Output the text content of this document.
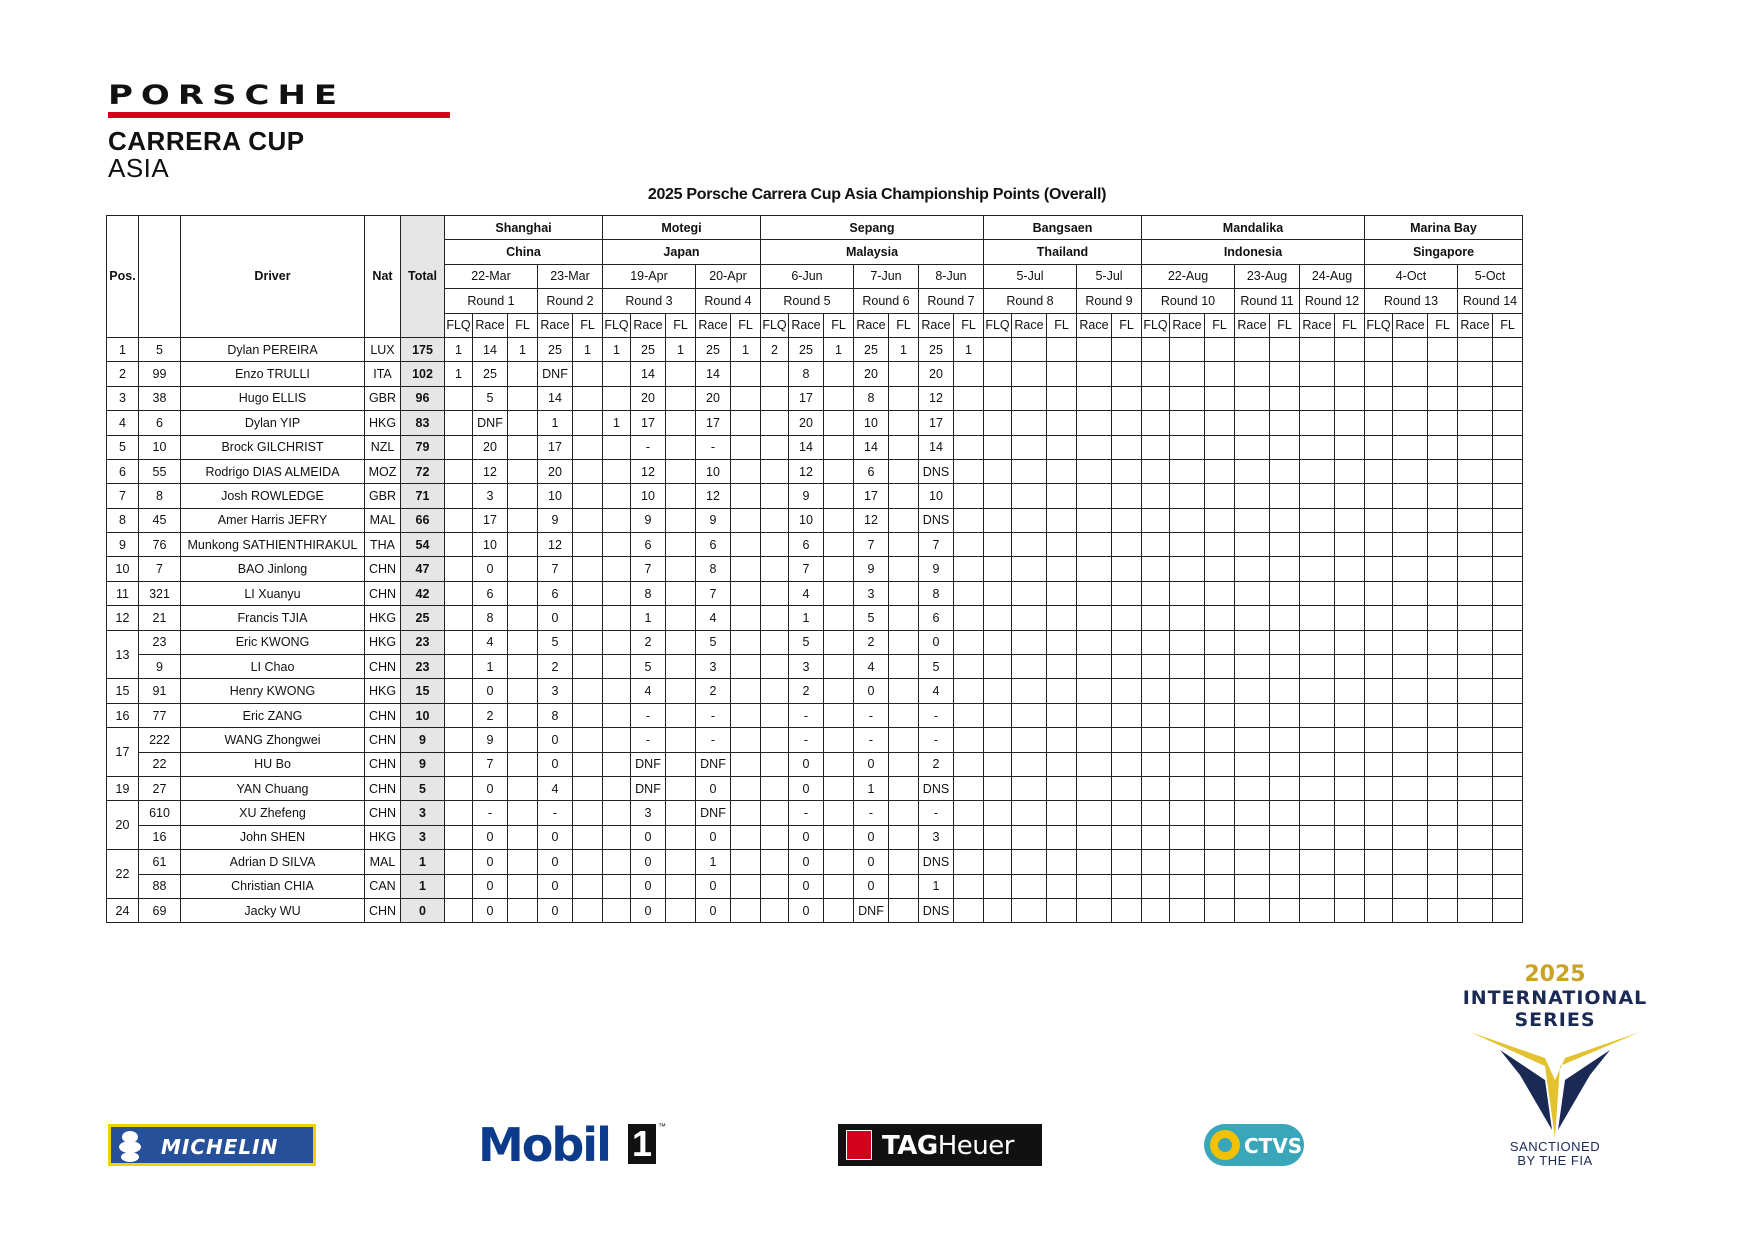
PORSCHE
CARRERA CUP
ASIA
2025 Porsche Carrera Cup Asia Championship Points (Overall)
Pos.		Driver	Nat	Total	Shanghai					Motegi					Sepang							Bangsaen					Mandalika							Marina Bay				
					China					Japan					Malaysia							Thailand					Indonesia							Singapore				
					22-Mar			23-Mar		19-Apr			20-Apr		6-Jun			7-Jun		8-Jun		5-Jul			5-Jul		22-Aug			23-Aug		24-Aug		4-Oct			5-Oct	
					Round 1			Round 2		Round 3			Round 4		Round 5			Round 6		Round 7		Round 8			Round 9		Round 10			Round 11		Round 12		Round 13			Round 14	
					FLQ	Race	FL	Race	FL	FLQ	Race	FL	Race	FL	FLQ	Race	FL	Race	FL	Race	FL	FLQ	Race	FL	Race	FL	FLQ	Race	FL	Race	FL	Race	FL	FLQ	Race	FL	Race	FL
1	5	Dylan PEREIRA	LUX	175	1	14	1	25	1	1	25	1	25	1	2	25	1	25	1	25	1																	
2	99	Enzo TRULLI	ITA	102	1	25		DNF			14		14			8		20		20																		
3	38	Hugo ELLIS	GBR	96		5		14			20		20			17		8		12																		
4	6	Dylan YIP	HKG	83		DNF		1		1	17		17			20		10		17																		
5	10	Brock GILCHRIST	NZL	79		20		17			-		-			14		14		14																		
6	55	Rodrigo DIAS ALMEIDA	MOZ	72		12		20			12		10			12		6		DNS																		
7	8	Josh ROWLEDGE	GBR	71		3		10			10		12			9		17		10																		
8	45	Amer Harris JEFRY	MAL	66		17		9			9		9			10		12		DNS																		
9	76	Munkong SATHIENTHIRAKUL	THA	54		10		12			6		6			6		7		7																		
10	7	BAO Jinlong	CHN	47		0		7			7		8			7		9		9																		
11	321	LI Xuanyu	CHN	42		6		6			8		7			4		3		8																		
12	21	Francis TJIA	HKG	25		8		0			1		4			1		5		6																		
13	23	Eric KWONG	HKG	23		4		5			2		5			5		2		0																		
	9	LI Chao	CHN	23		1		2			5		3			3		4		5																		
15	91	Henry KWONG	HKG	15		0		3			4		2			2		0		4																		
16	77	Eric ZANG	CHN	10		2		8			-		-			-		-		-																		
17	222	WANG Zhongwei	CHN	9		9		0			-		-			-		-		-																		
	22	HU Bo	CHN	9		7		0			DNF		DNF			0		0		2																		
19	27	YAN Chuang	CHN	5		0		4			DNF		0			0		1		DNS																		
20	610	XU Zhefeng	CHN	3		-		-			3		DNF			-		-		-																		
	16	John SHEN	HKG	3		0		0			0		0			0		0		3																		
22	61	Adrian D SILVA	MAL	1		0		0			0		1			0		0		DNS																		
	88	Christian CHIA	CAN	1		0		0			0		0			0		0		1																		
24	69	Jacky WU	CHN	0		0		0			0		0			0		DNF		DNS																		
MICHELIN	Mobil 1 ™
TAGHeuer	CTVS
2025
INTERNATIONAL
SERIES
SANCTIONED
BY THE FIA
